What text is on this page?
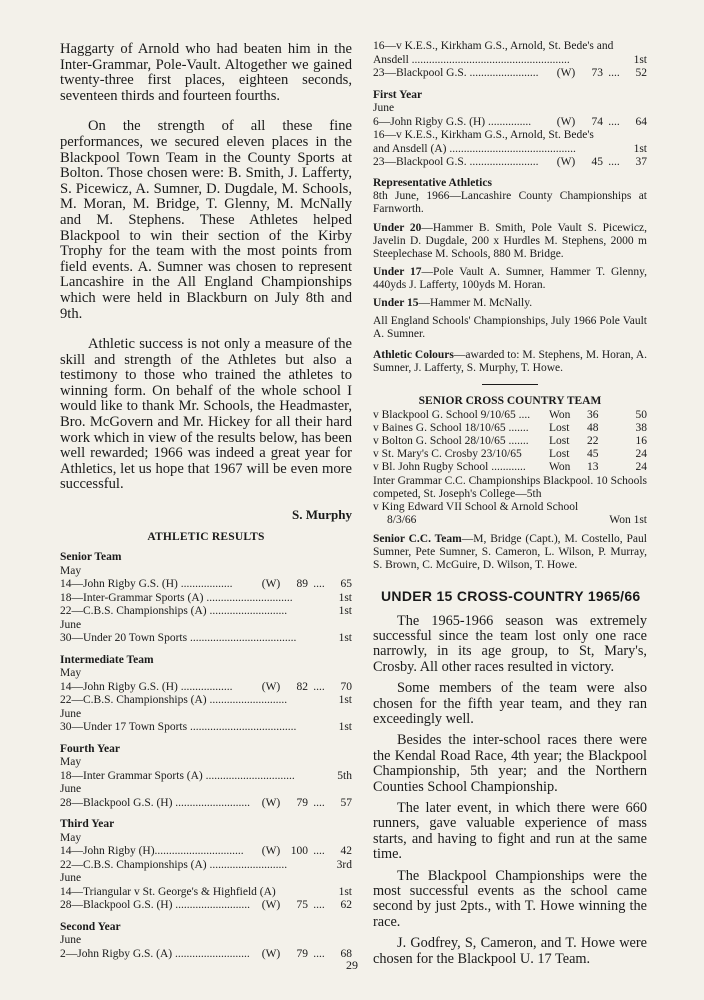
Haggarty of Arnold who had beaten him in the Inter-Grammar, Pole-Vault. Altogether we gained twenty-three first places, eighteen seconds, seventeen thirds and fourteen fourths.

On the strength of all these fine performances, we secured eleven places in the Blackpool Town Team in the County Sports at Bolton. Those chosen were: B. Smith, J. Lafferty, S. Picewicz, A. Sumner, D. Dugdale, M. Schools, M. Moran, M. Bridge, T. Glenny, M. McNally and M. Stephens. These Athletes helped Blackpool to win their section of the Kirby Trophy for the team with the most points from field events. A. Sumner was chosen to represent Lancashire in the All England Championships which were held in Blackburn on July 8th and 9th.

Athletic success is not only a measure of the skill and strength of the Athletes but also a testimony to those who trained the athletes to winning form. On behalf of the whole school I would like to thank Mr. Schools, the Headmaster, Bro. McGovern and Mr. Hickey for all their hard work which in view of the results below, has been well rewarded; 1966 was indeed a great year for Athletics, let us hope that 1967 will be even more successful.

S. Murphy

ATHLETIC RESULTS

Senior Team

May
14—John Rigby G.S. (H) ..................	(W)	89 ....	65
18—Inter-Grammar Sports (A) ..............................	1st
22—C.B.S. Championships (A) ...........................	1st
June
30—Under 20 Town Sports .....................................	1st

Intermediate Team

May
14—John Rigby G.S. (H) ..................	(W)	82 ....	70
22—C.B.S. Championships (A) ...........................	1st
June
30—Under 17 Town Sports .....................................	1st

Fourth Year

May
18—Inter Grammar Sports (A) ...............................	5th
June
28—Blackpool G.S. (H) ..........................	(W)	79 ....	57

Third Year

May
14—John Rigby (H)...............................	(W) 100 ....	42
22—C.B.S. Championships (A) ...........................	3rd
June
14—Triangular v St. George's & Highfield (A)	1st
28—Blackpool G.S. (H) ..........................	(W)	75 ....	62

Second Year

June
2—John Rigby G.S. (A) ..........................	(W)	79 ....	68
16—v K.E.S., Kirkham G.S., Arnold, St. Bede's and
Ansdell .......................................................	1st
23—Blackpool G.S. ........................	(W)	73 ....	52

First Year

June
6—John Rigby G.S. (H) ...............	(W)	74 ....	64
16—v K.E.S., Kirkham G.S., Arnold, St. Bede's
and Ansdell (A) ............................................	1st
23—Blackpool G.S. ........................	(W)	45 ....	37

Representative Athletics

8th June, 1966—Lancashire County Championships at Farnworth.

Under 20—Hammer B. Smith, Pole Vault S. Picewicz, Javelin D. Dugdale, 200 x Hurdles M. Stephens, 2000 m Steeplechase M. Schools, 880 M. Bridge.

Under 17—Pole Vault A. Sumner, Hammer T. Glenny, 440yds J. Lafferty, 100yds M. Horan.

Under 15—Hammer M. McNally.

All England Schools' Championships, July 1966 Pole Vault A. Sumner.

Athletic Colours—awarded to: M. Stephens, M. Horan, A. Sumner, J. Lafferty, S. Murphy, T. Howe.

SENIOR CROSS COUNTRY TEAM

v Blackpool G. School 9/10/65 ....	Won	36	50
v Baines G. School 18/10/65 .......	Lost	48	38
v Bolton G. School 28/10/65 .......	Lost	22	16
v St. Mary's C. Crosby 23/10/65	Lost	45	24
v Bl. John Rugby School ............	Won	13	24

Inter Grammar C.C. Championships Blackpool. 10 Schools competed, St. Joseph's College—5th

v King Edward VII School & Arnold School

8/3/66	Won 1st

Senior C.C. Team—M, Bridge (Capt.), M. Costello, Paul Sumner, Pete Sumner, S. Cameron, L. Wilson, P. Murray, S. Brown, C. McGuire, D. Wilson, T. Howe.

UNDER 15 CROSS-COUNTRY 1965/66

The 1965-1966 season was extremely successful since the team lost only one race narrowly, in its age group, to St, Mary's, Crosby. All other races resulted in victory.

Some members of the team were also chosen for the fifth year team, and they ran exceedingly well.

Besides the inter-school races there were the Kendal Road Race, 4th year; the Blackpool Championship, 5th year; and the Northern Counties School Championship.

The later event, in which there were 660 runners, gave valuable experience of mass starts, and having to fight and run at the same time.

The Blackpool Championships were the most successful events as the school came second by just 2pts., with T. Howe winning the race.

J. Godfrey, S, Cameron, and T. Howe were chosen for the Blackpool U. 17 Team.

29
